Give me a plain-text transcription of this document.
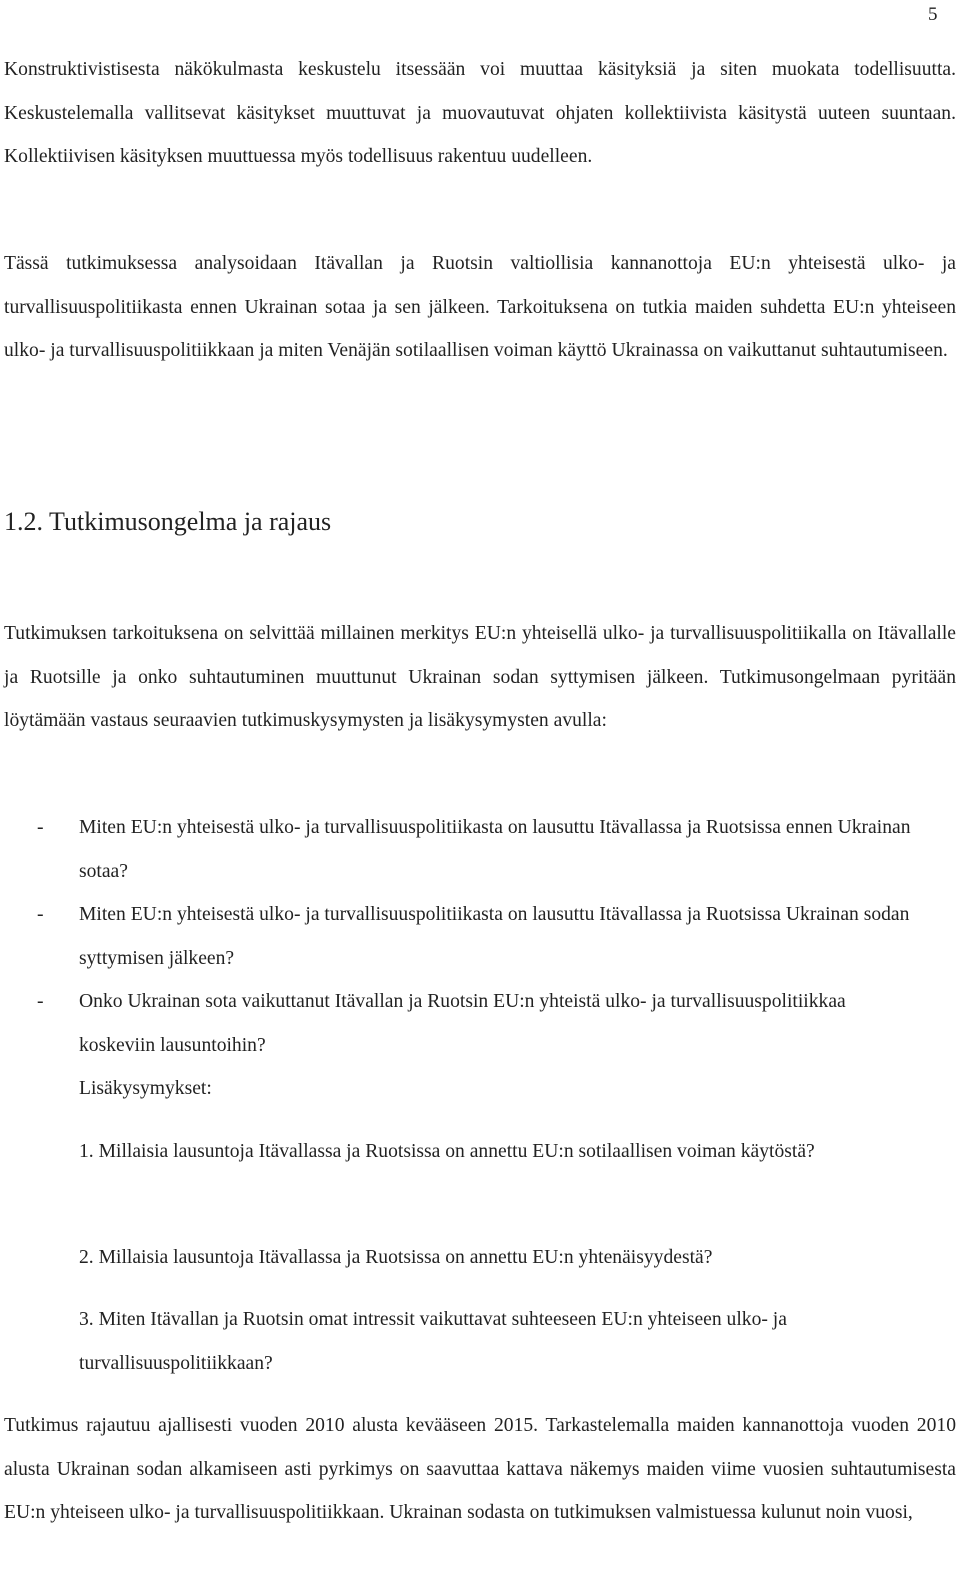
5

Konstruktivistisesta näkökulmasta keskustelu itsessään voi muuttaa käsityksiä ja siten muokata todellisuutta. Keskustelemalla vallitsevat käsitykset muuttuvat ja muovautuvat ohjaten kollektiivista käsitystä uuteen suuntaan. Kollektiivisen käsityksen muuttuessa myös todellisuus rakentuu uudelleen.

Tässä tutkimuksessa analysoidaan Itävallan ja Ruotsin valtiollisia kannanottoja EU:n yhteisestä ulko- ja turvallisuuspolitiikasta ennen Ukrainan sotaa ja sen jälkeen. Tarkoituksena on tutkia maiden suhdetta EU:n yhteiseen ulko- ja turvallisuuspolitiikkaan ja miten Venäjän sotilaallisen voiman käyttö Ukrainassa on vaikuttanut suhtautumiseen.

1.2. Tutkimusongelma ja rajaus

Tutkimuksen tarkoituksena on selvittää millainen merkitys EU:n yhteisellä ulko- ja turvallisuuspolitiikalla on Itävallalle ja Ruotsille ja onko suhtautuminen muuttunut Ukrainan sodan syttymisen jälkeen. Tutkimusongelmaan pyritään löytämään vastaus seuraavien tutkimuskysymysten ja lisäkysymysten avulla:

- Miten EU:n yhteisestä ulko- ja turvallisuuspolitiikasta on lausuttu Itävallassa ja Ruotsissa ennen Ukrainan sotaa?
- Miten EU:n yhteisestä ulko- ja turvallisuuspolitiikasta on lausuttu Itävallassa ja Ruotsissa Ukrainan sodan syttymisen jälkeen?
- Onko Ukrainan sota vaikuttanut Itävallan ja Ruotsin EU:n yhteistä ulko- ja turvallisuuspolitiikkaa koskeviin lausuntoihin?

Lisäkysymykset:

1. Millaisia lausuntoja Itävallassa ja Ruotsissa on annettu EU:n sotilaallisen voiman käytöstä?

2. Millaisia lausuntoja Itävallassa ja Ruotsissa on annettu EU:n yhtenäisyydestä?

3. Miten Itävallan ja Ruotsin omat intressit vaikuttavat suhteeseen EU:n yhteiseen ulko- ja turvallisuuspolitiikkaan?

Tutkimus rajautuu ajallisesti vuoden 2010 alusta kevääseen 2015. Tarkastelemalla maiden kannanottoja vuoden 2010 alusta Ukrainan sodan alkamiseen asti pyrkimys on saavuttaa kattava näkemys maiden viime vuosien suhtautumisesta EU:n yhteiseen ulko- ja turvallisuuspolitiikkaan. Ukrainan sodasta on tutkimuksen valmistuessa kulunut noin vuosi,
